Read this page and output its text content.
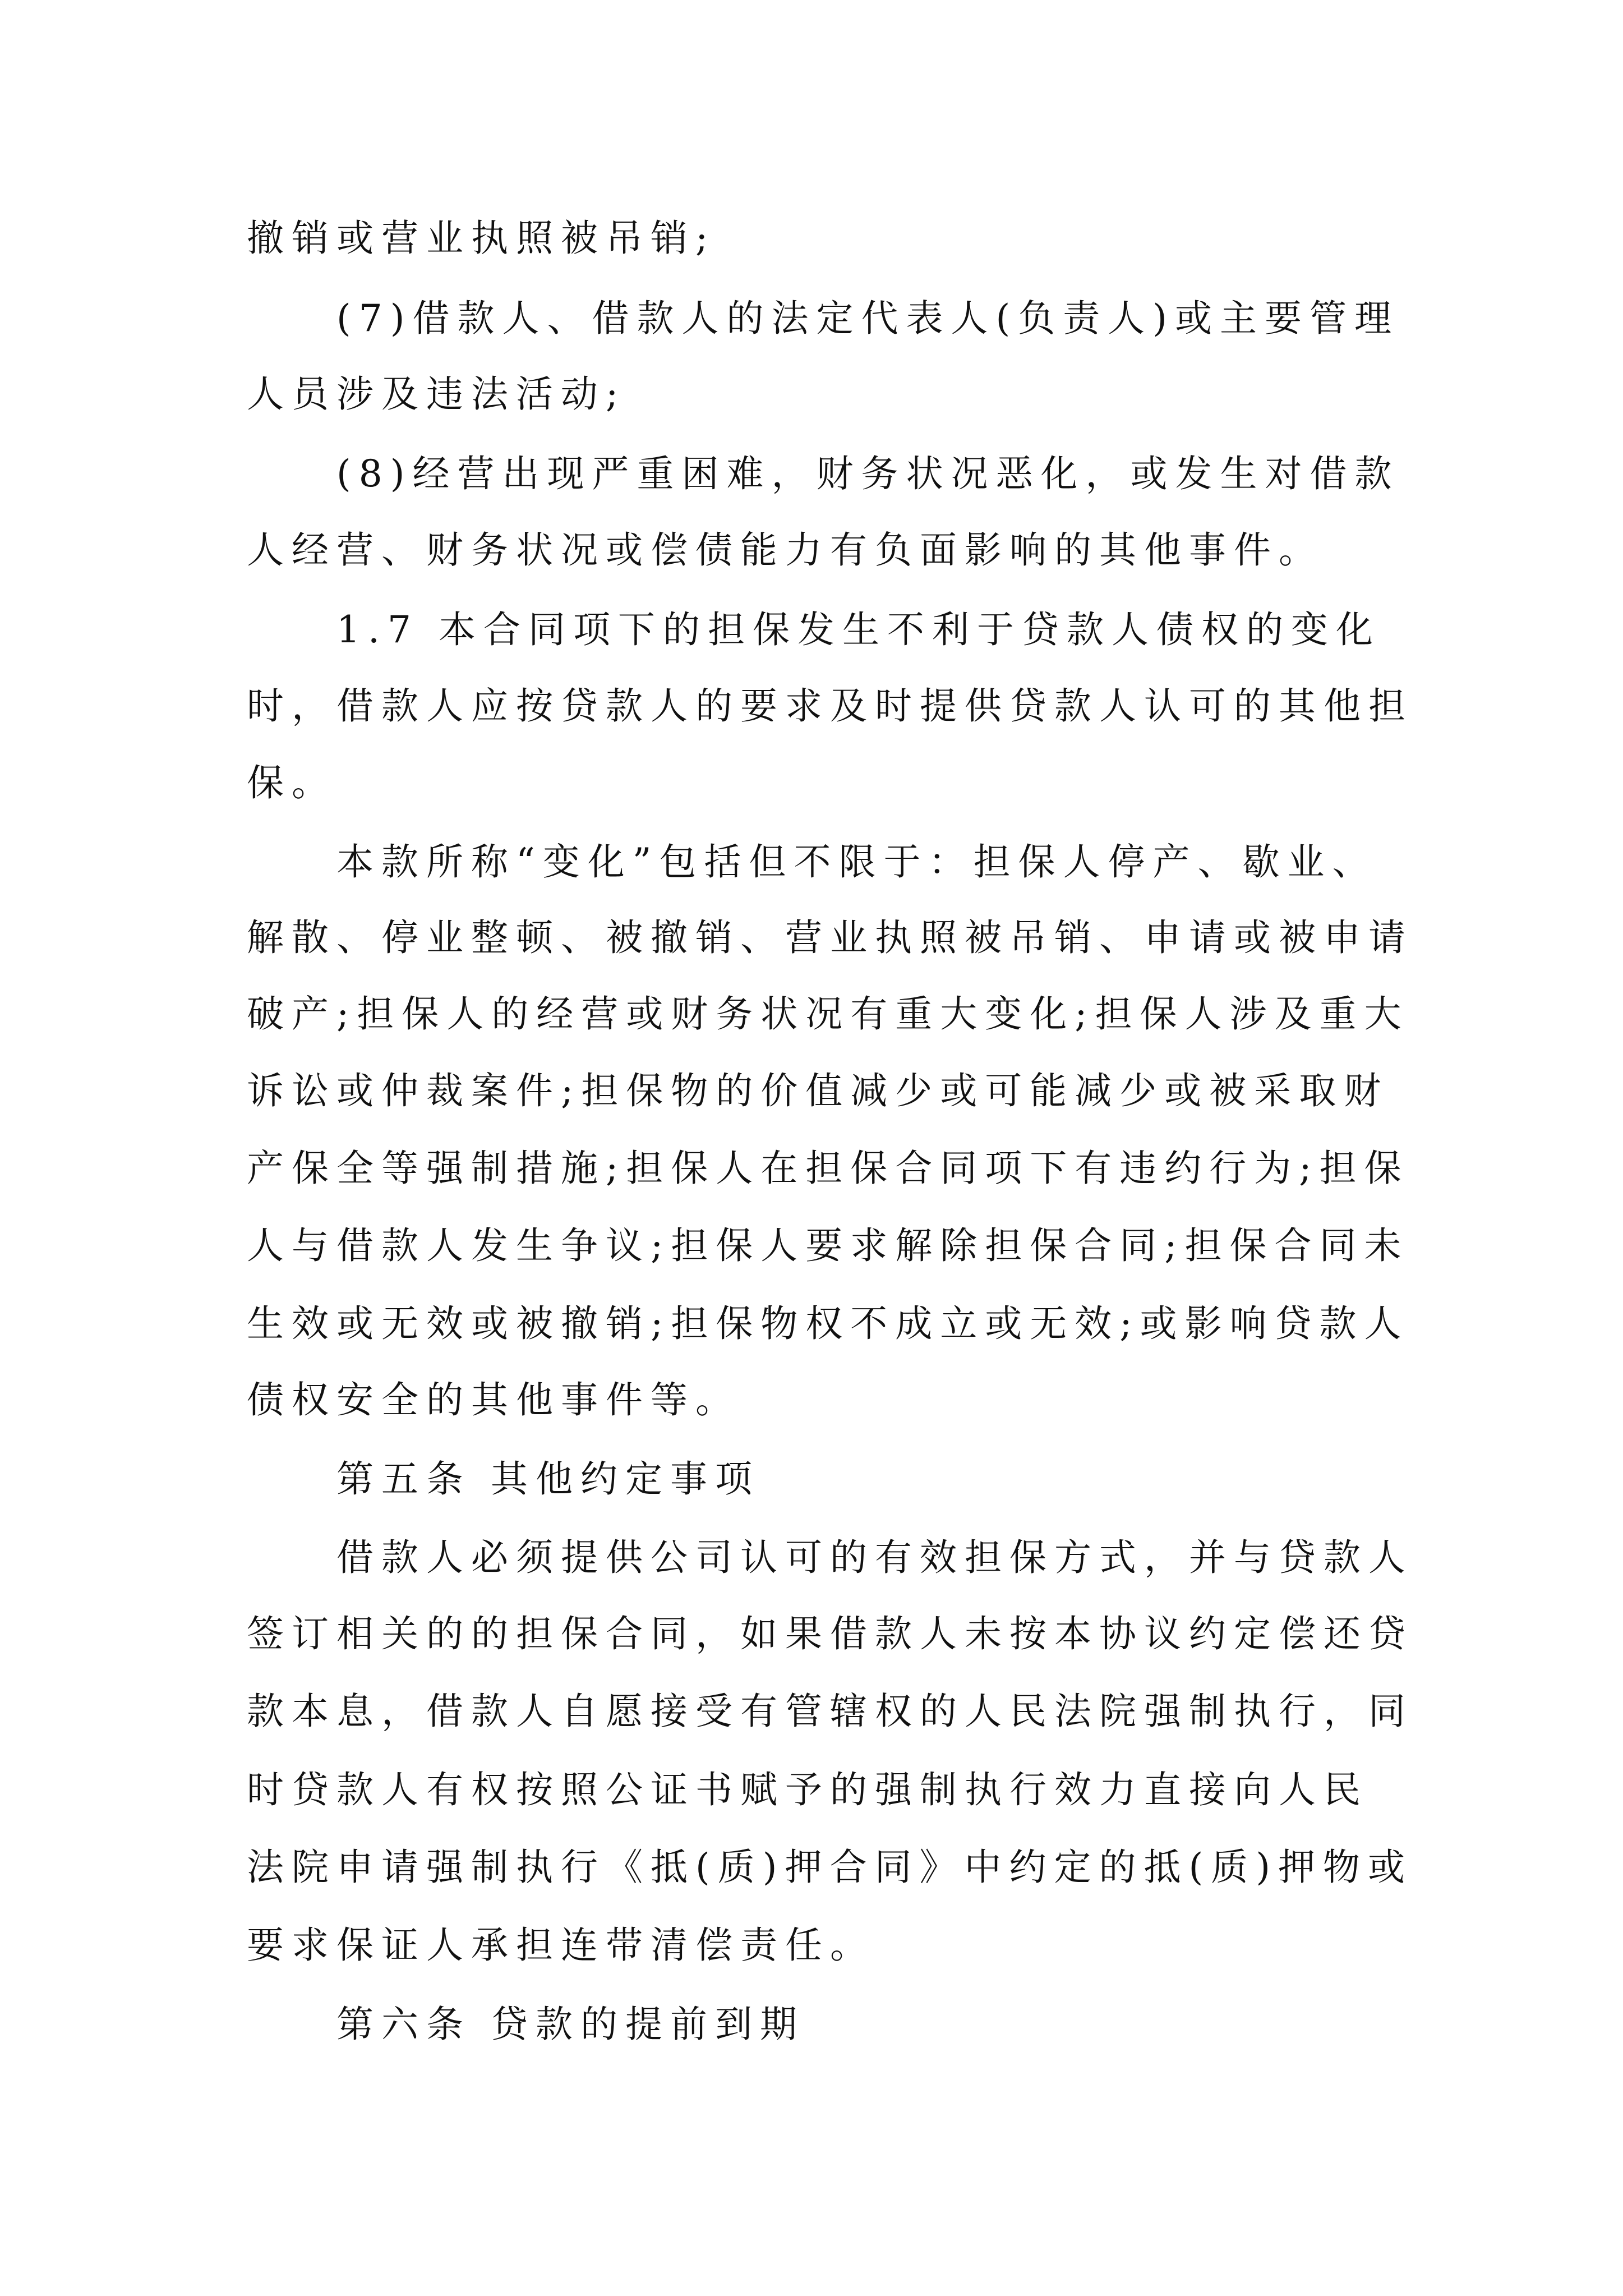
撤销或营业执照被吊销;
(7)借款人、借款人的法定代表人(负责人)或主要管理
人员涉及违法活动;
(8)经营出现严重困难，财务状况恶化，或发生对借款
人经营、财务状况或偿债能力有负面影响的其他事件。
1.7 本合同项下的担保发生不利于贷款人债权的变化
时，借款人应按贷款人的要求及时提供贷款人认可的其他担
保。
本款所称“变化”包括但不限于：担保人停产、歇业、
解散、停业整顿、被撤销、营业执照被吊销、申请或被申请
破产;担保人的经营或财务状况有重大变化;担保人涉及重大
诉讼或仲裁案件;担保物的价值减少或可能减少或被采取财
产保全等强制措施;担保人在担保合同项下有违约行为;担保
人与借款人发生争议;担保人要求解除担保合同;担保合同未
生效或无效或被撤销;担保物权不成立或无效;或影响贷款人
债权安全的其他事件等。
第五条 其他约定事项
借款人必须提供公司认可的有效担保方式，并与贷款人
签订相关的的担保合同，如果借款人未按本协议约定偿还贷
款本息，借款人自愿接受有管辖权的人民法院强制执行，同
时贷款人有权按照公证书赋予的强制执行效力直接向人民
法院申请强制执行《抵(质)押合同》中约定的抵(质)押物或
要求保证人承担连带清偿责任。
第六条 贷款的提前到期
